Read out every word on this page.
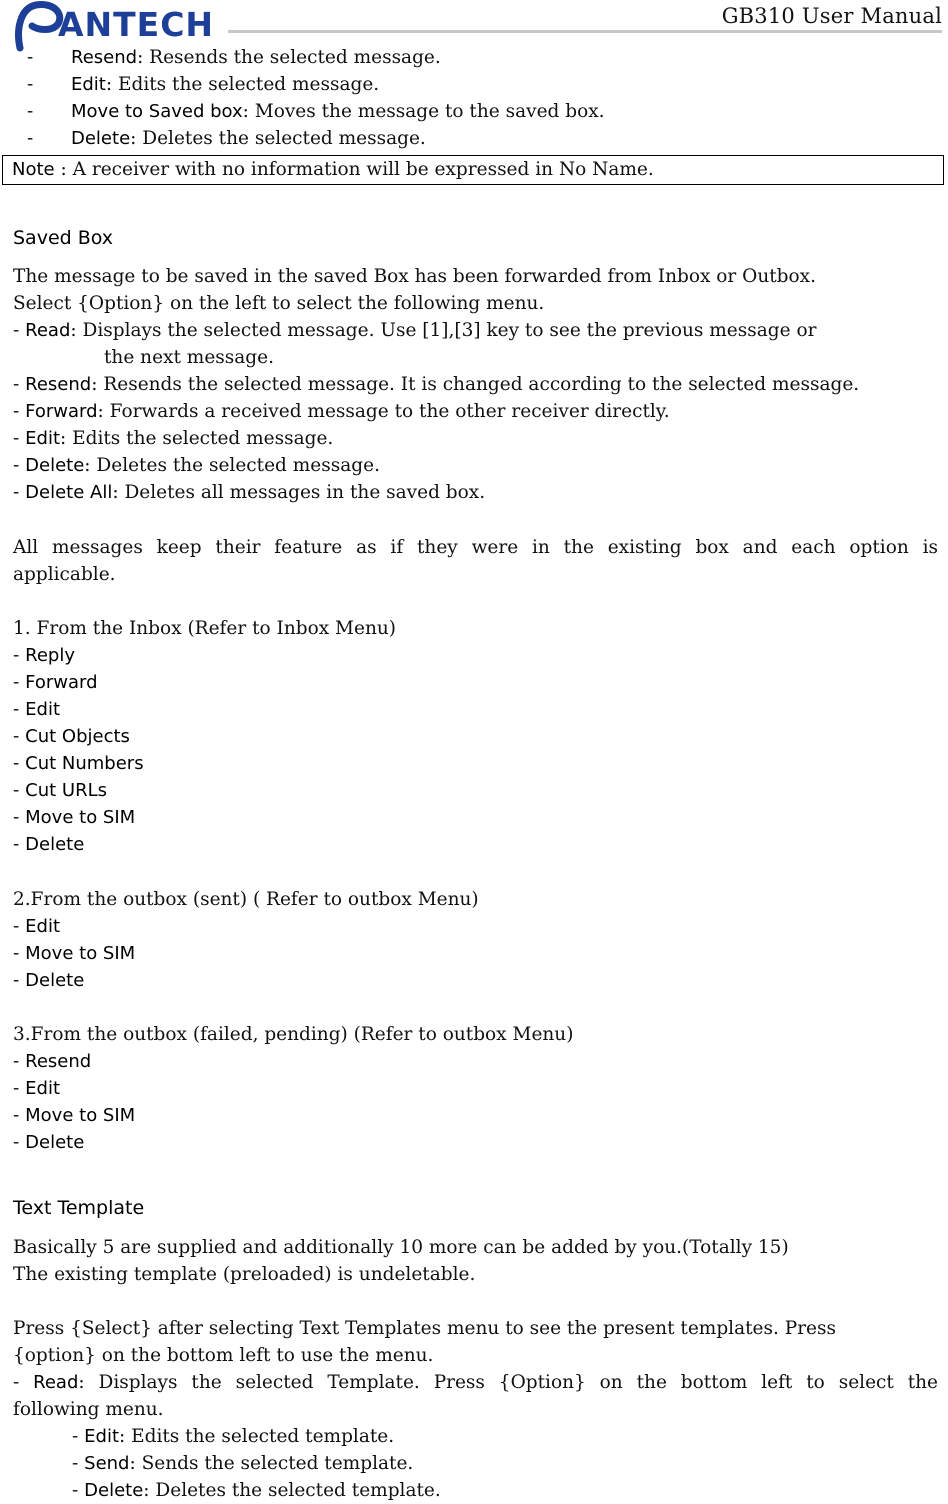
ANTECH	GB310 User Manual
- Resend: Resends the selected message.
- Edit: Edits the selected message.
- Move to Saved box: Moves the message to the saved box.
- Delete: Deletes the selected message.
Note : A receiver with no information will be expressed in No Name.
Saved Box
The message to be saved in the saved Box has been forwarded from Inbox or Outbox.
Select {Option} on the left to select the following menu.
- Read: Displays the selected message. Use [1],[3] key to see the previous message or
the next message.
- Resend: Resends the selected message. It is changed according to the selected message.
- Forward: Forwards a received message to the other receiver directly.
- Edit: Edits the selected message.
- Delete: Deletes the selected message.
- Delete All: Deletes all messages in the saved box.
All messages keep their feature as if they were in the existing box and each option is
applicable.
1. From the Inbox (Refer to Inbox Menu)
- Reply
- Forward
- Edit
- Cut Objects
- Cut Numbers
- Cut URLs
- Move to SIM
- Delete
2.From the outbox (sent) ( Refer to outbox Menu)
- Edit
- Move to SIM
- Delete
3.From the outbox (failed, pending) (Refer to outbox Menu)
- Resend
- Edit
- Move to SIM
- Delete
Text Template
Basically 5 are supplied and additionally 10 more can be added by you.(Totally 15)
The existing template (preloaded) is undeletable.
Press {Select} after selecting Text Templates menu to see the present templates. Press
{option} on the bottom left to use the menu.
- Read: Displays the selected Template. Press {Option} on the bottom left to select the
following menu.
- Edit: Edits the selected template.
- Send: Sends the selected template.
- Delete: Deletes the selected template.
